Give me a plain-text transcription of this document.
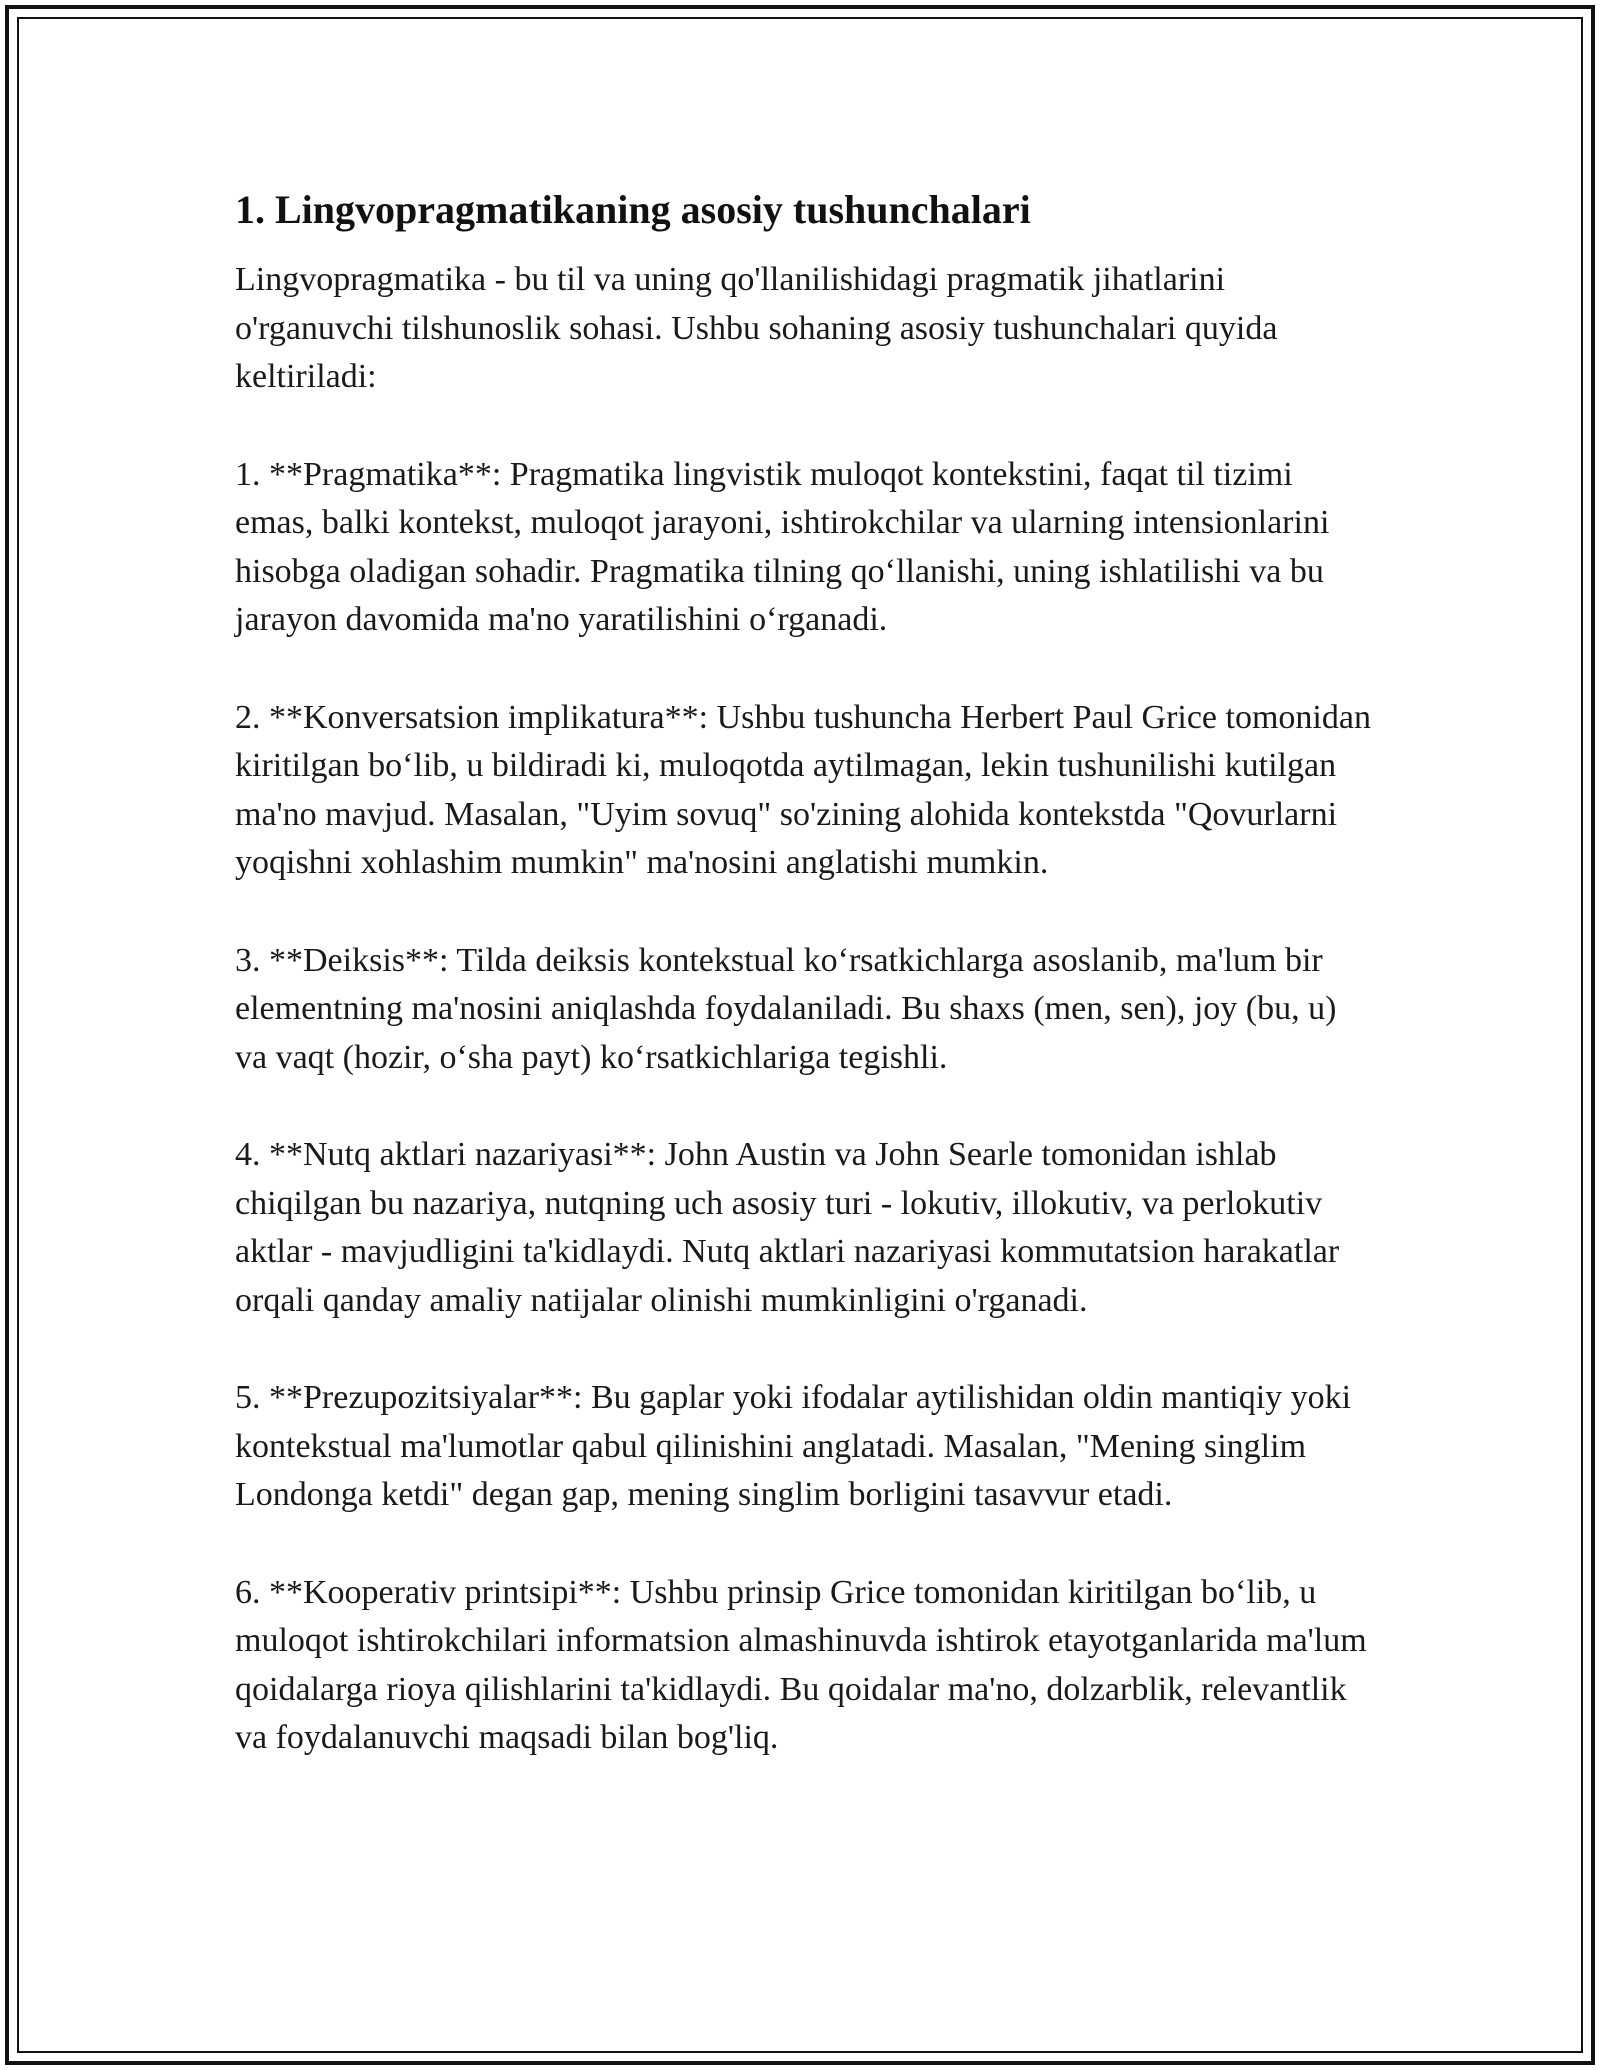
1. Lingvopragmatikaning asosiy tushunchalari

Lingvopragmatika - bu til va uning qo'llanilishidagi pragmatik jihatlarini o'rganuvchi tilshunoslik sohasi. Ushbu sohaning asosiy tushunchalari quyida keltiriladi:

1. **Pragmatika**: Pragmatika lingvistik muloqot kontekstini, faqat til tizimi emas, balki kontekst, muloqot jarayoni, ishtirokchilar va ularning intensionlarini hisobga oladigan sohadir. Pragmatika tilning qo‘llanishi, uning ishlatilishi va bu jarayon davomida ma'no yaratilishini o‘rganadi.

2. **Konversatsion implikatura**: Ushbu tushuncha Herbert Paul Grice tomonidan kiritilgan bo‘lib, u bildiradi ki, muloqotda aytilmagan, lekin tushunilishi kutilgan ma'no mavjud. Masalan, "Uyim sovuq" so'zining alohida kontekstda "Qovurlarni yoqishni xohlashim mumkin" ma'nosini anglatishi mumkin.

3. **Deiksis**: Tilda deiksis kontekstual ko‘rsatkichlarga asoslanib, ma'lum bir elementning ma'nosini aniqlashda foydalaniladi. Bu shaxs (men, sen), joy (bu, u) va vaqt (hozir, o‘sha payt) ko‘rsatkichlariga tegishli.

4. **Nutq aktlari nazariyasi**: John Austin va John Searle tomonidan ishlab chiqilgan bu nazariya, nutqning uch asosiy turi - lokutiv, illokutiv, va perlokutiv aktlar - mavjudligini ta'kidlaydi. Nutq aktlari nazariyasi kommutatsion harakatlar orqali qanday amaliy natijalar olinishi mumkinligini o'rganadi.

5. **Prezupozitsiyalar**: Bu gaplar yoki ifodalar aytilishidan oldin mantiqiy yoki kontekstual ma'lumotlar qabul qilinishini anglatadi. Masalan, "Mening singlim Londonga ketdi" degan gap, mening singlim borligini tasavvur etadi.

6. **Kooperativ printsipi**: Ushbu prinsip Grice tomonidan kiritilgan bo‘lib, u muloqot ishtirokchilari informatsion almashinuvda ishtirok etayotganlarida ma'lum qoidalarga rioya qilishlarini ta'kidlaydi. Bu qoidalar ma'no, dolzarblik, relevantlik va foydalanuvchi maqsadi bilan bog'liq.
